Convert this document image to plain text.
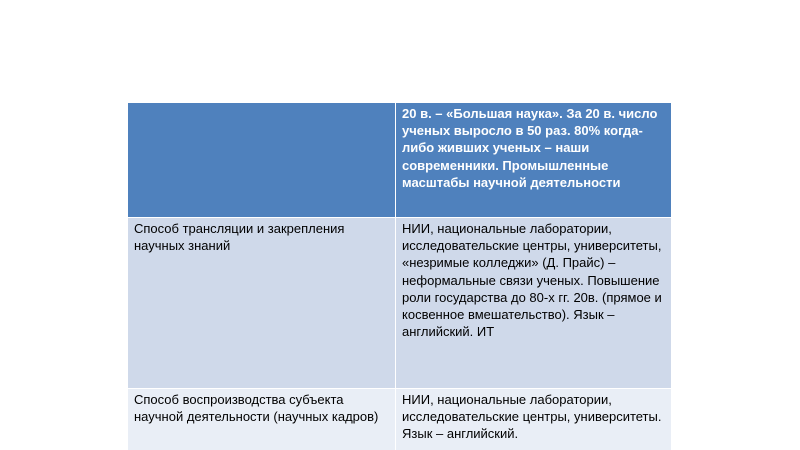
20 в. – «Большая наука». За 20 в. число ученых выросло в 50 раз. 80% когда-либо живших ученых – наши современники. Промышленные масштабы научной деятельности
Способ трансляции и закрепления научных знаний
НИИ, национальные лаборатории, исследовательские центры, университеты, «незримые колледжи» (Д. Прайс) – неформальные связи ученых. Повышение роли государства до 80-х гг. 20в. (прямое и косвенное вмешательство). Язык – английский. ИТ
Способ воспроизводства субъекта научной деятельности (научных кадров)
НИИ, национальные лаборатории, исследовательские центры, университеты. Язык – английский.
